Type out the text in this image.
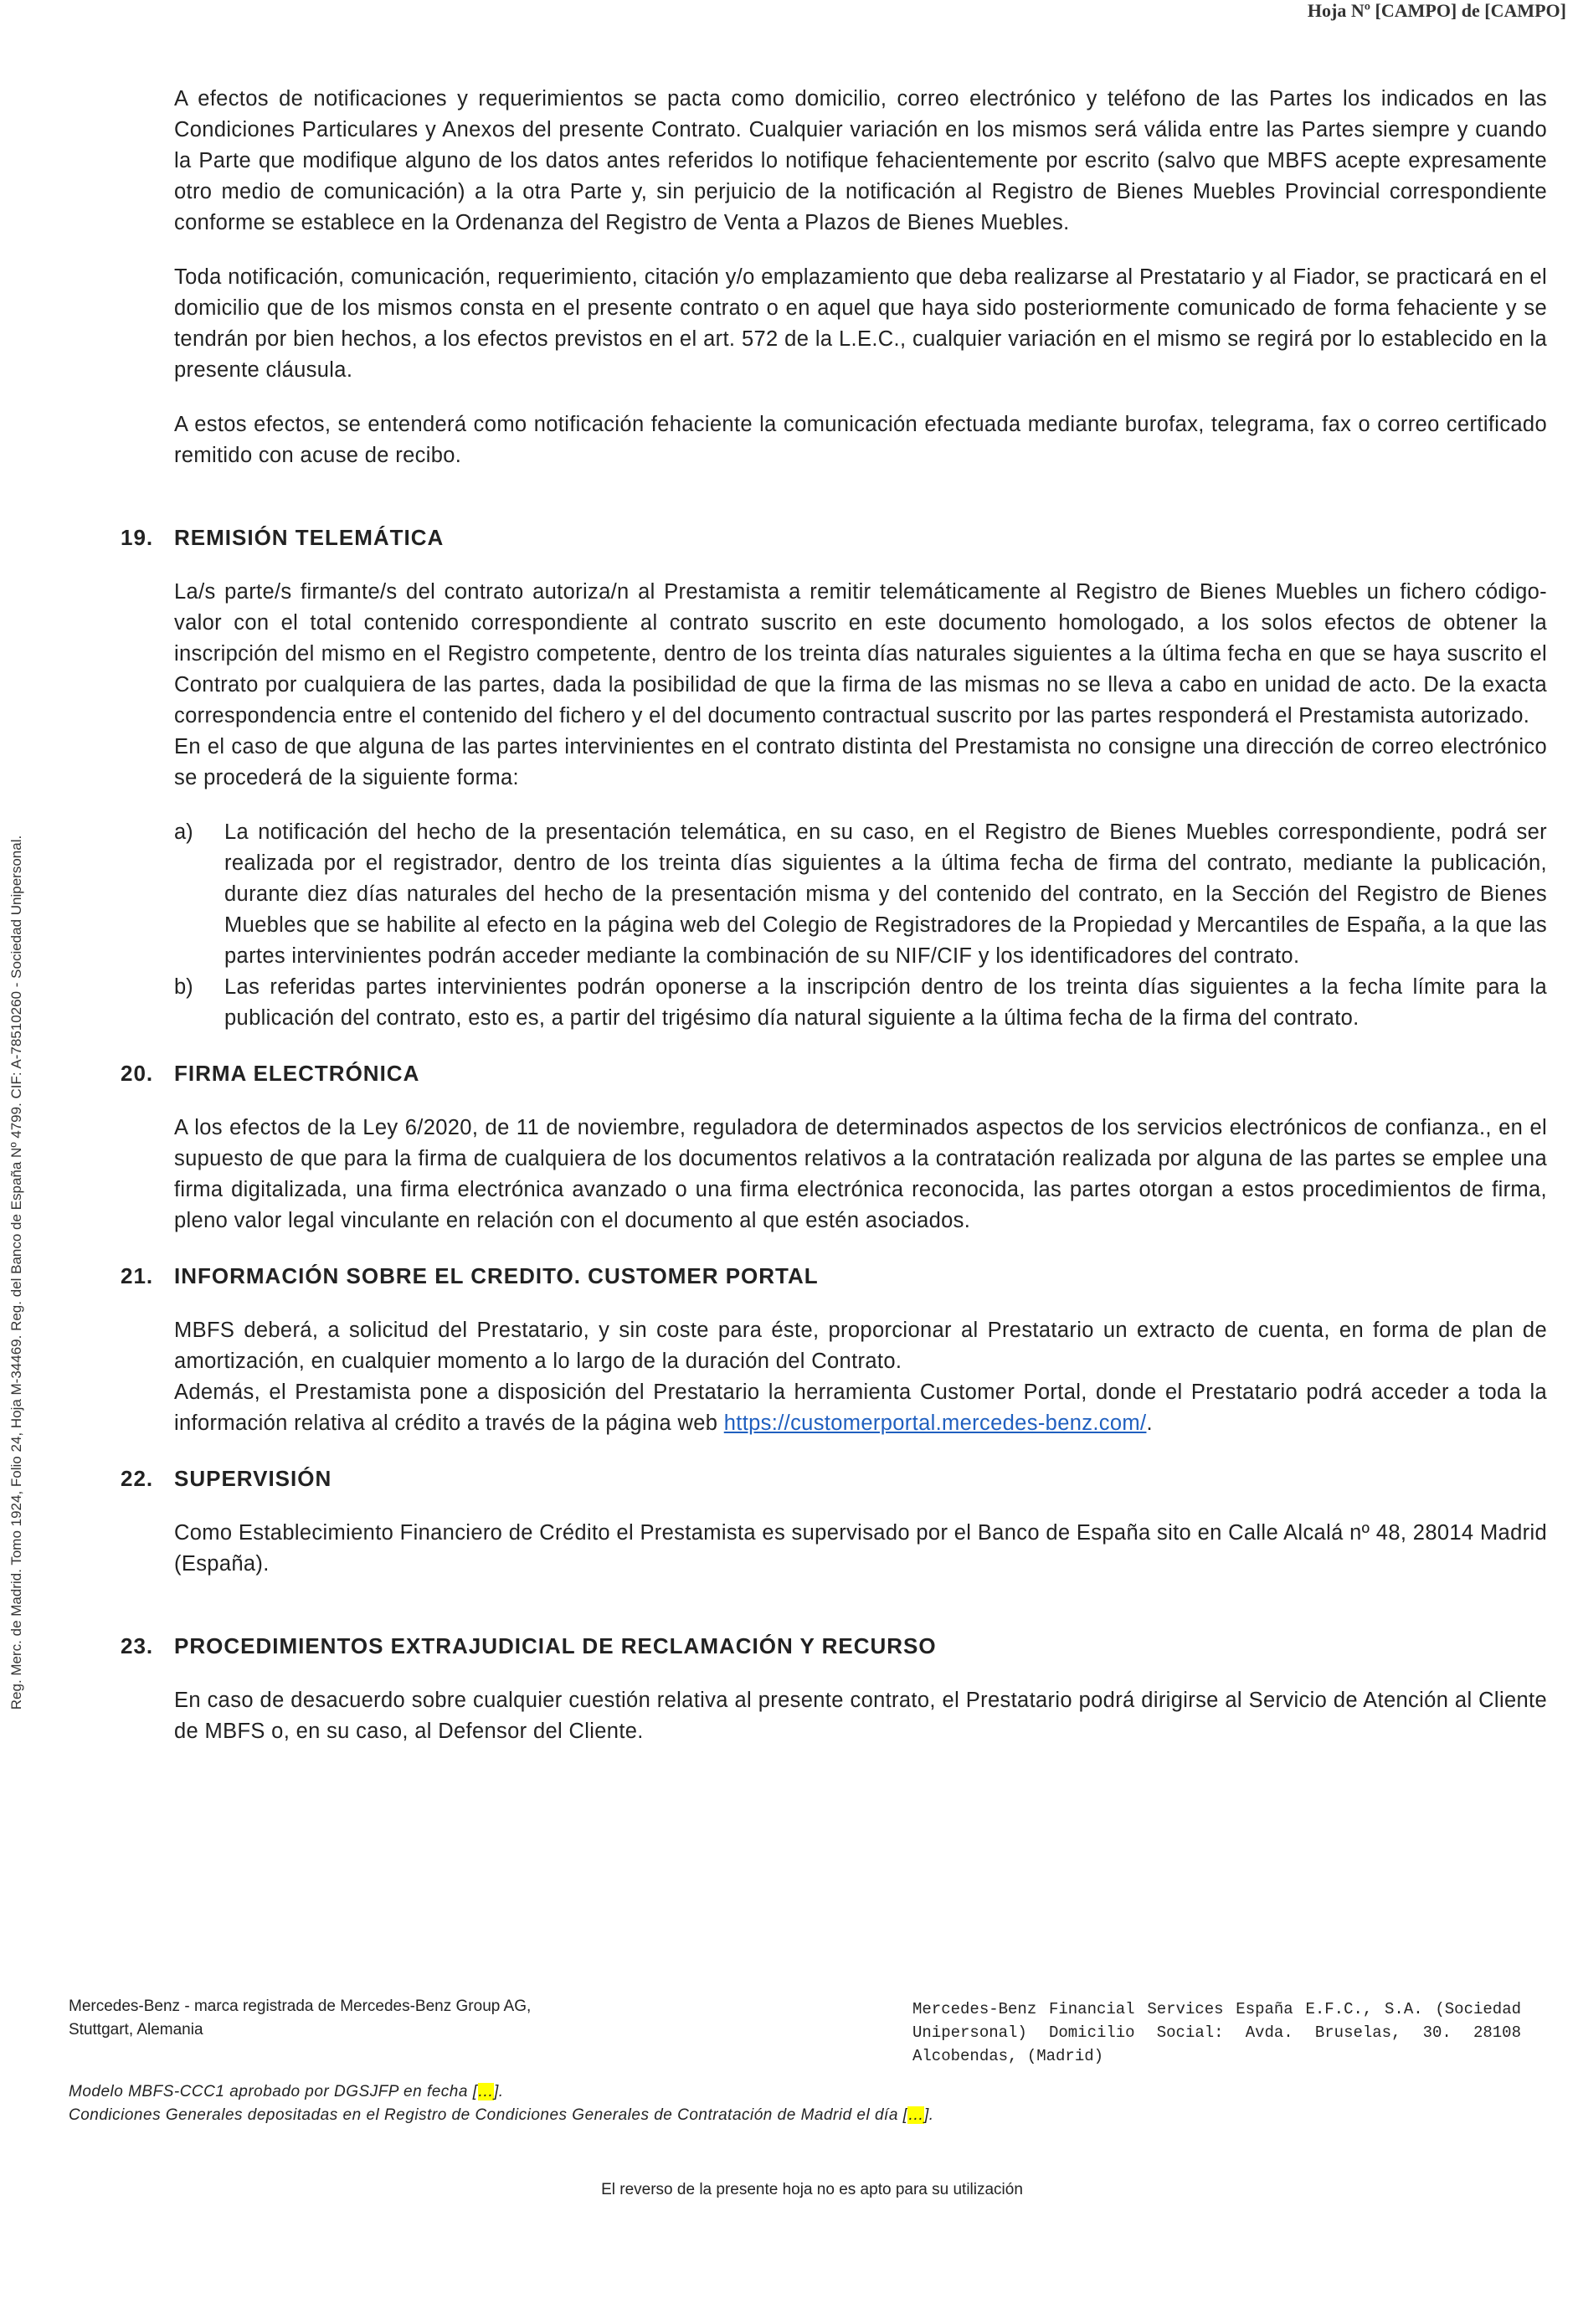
Hoja Nº [CAMPO] de [CAMPO]
Reg. Merc. de Madrid. Tomo 1924, Folio 24, Hoja M-34469. Reg. del Banco de España Nº 4799. CIF: A-78510260 - Sociedad Unipersonal.

A efectos de notificaciones y requerimientos se pacta como domicilio, correo electrónico y teléfono de las Partes los indicados en las Condiciones Particulares y Anexos del presente Contrato. Cualquier variación en los mismos será válida entre las Partes siempre y cuando la Parte que modifique alguno de los datos antes referidos lo notifique fehacientemente por escrito (salvo que MBFS acepte expresamente otro medio de comunicación) a la otra Parte y, sin perjuicio de la notificación al Registro de Bienes Muebles Provincial correspondiente conforme se establece en la Ordenanza del Registro de Venta a Plazos de Bienes Muebles.

Toda notificación, comunicación, requerimiento, citación y/o emplazamiento que deba realizarse al Prestatario y al Fiador, se practicará en el domicilio que de los mismos consta en el presente contrato o en aquel que haya sido posteriormente comunicado de forma fehaciente y se tendrán por bien hechos, a los efectos previstos en el art. 572 de la L.E.C., cualquier variación en el mismo se regirá por lo establecido en la presente cláusula.

A estos efectos, se entenderá como notificación fehaciente la comunicación efectuada mediante burofax, telegrama, fax o correo certificado remitido con acuse de recibo.

19. REMISIÓN TELEMÁTICA

La/s parte/s firmante/s del contrato autoriza/n al Prestamista a remitir telemáticamente al Registro de Bienes Muebles un fichero código-valor con el total contenido correspondiente al contrato suscrito en este documento homologado, a los solos efectos de obtener la inscripción del mismo en el Registro competente, dentro de los treinta días naturales siguientes a la última fecha en que se haya suscrito el Contrato por cualquiera de las partes, dada la posibilidad de que la firma de las mismas no se lleva a cabo en unidad de acto. De la exacta correspondencia entre el contenido del fichero y el del documento contractual suscrito por las partes responderá el Prestamista autorizado.

En el caso de que alguna de las partes intervinientes en el contrato distinta del Prestamista no consigne una dirección de correo electrónico se procederá de la siguiente forma:

a)	La notificación del hecho de la presentación telemática, en su caso, en el Registro de Bienes Muebles correspondiente, podrá ser realizada por el registrador, dentro de los treinta días siguientes a la última fecha de firma del contrato, mediante la publicación, durante diez días naturales del hecho de la presentación misma y del contenido del contrato, en la Sección del Registro de Bienes Muebles que se habilite al efecto en la página web del Colegio de Registradores de la Propiedad y Mercantiles de España, a la que las partes intervinientes podrán acceder mediante la combinación de su NIF/CIF y los identificadores del contrato.
b)	Las referidas partes intervinientes podrán oponerse a la inscripción dentro de los treinta días siguientes a la fecha límite para la publicación del contrato, esto es, a partir del trigésimo día natural siguiente a la última fecha de la firma del contrato.
20. FIRMA ELECTRÓNICA

A los efectos de la Ley 6/2020, de 11 de noviembre, reguladora de determinados aspectos de los servicios electrónicos de confianza., en el supuesto de que para la firma de cualquiera de los documentos relativos a la contratación realizada por alguna de las partes se emplee una firma digitalizada, una firma electrónica avanzado o una firma electrónica reconocida, las partes otorgan a estos procedimientos de firma, pleno valor legal vinculante en relación con el documento al que estén asociados.

21. INFORMACIÓN SOBRE EL CREDITO. CUSTOMER PORTAL

MBFS deberá, a solicitud del Prestatario, y sin coste para éste, proporcionar al Prestatario un extracto de cuenta, en forma de plan de amortización, en cualquier momento a lo largo de la duración del Contrato.

Además, el Prestamista pone a disposición del Prestatario la herramienta Customer Portal, donde el Prestatario podrá acceder a toda la información relativa al crédito a través de la página web https://customerportal.mercedes-benz.com/.

22. SUPERVISIÓN

Como Establecimiento Financiero de Crédito el Prestamista es supervisado por el Banco de España sito en Calle Alcalá nº 48, 28014 Madrid (España).

23. PROCEDIMIENTOS EXTRAJUDICIAL DE RECLAMACIÓN Y RECURSO

En caso de desacuerdo sobre cualquier cuestión relativa al presente contrato, el Prestatario podrá dirigirse al Servicio de Atención al Cliente de MBFS o, en su caso, al Defensor del Cliente.

Mercedes-Benz - marca registrada de Mercedes-Benz Group AG, Stuttgart, Alemania
Mercedes-Benz Financial Services España E.F.C., S.A. (Sociedad Unipersonal) Domicilio Social: Avda. Bruselas, 30. 28108 Alcobendas, (Madrid)
Modelo MBFS-CCC1 aprobado por DGSJFP en fecha […].
Condiciones Generales depositadas en el Registro de Condiciones Generales de Contratación de Madrid el día […].
El reverso de la presente hoja no es apto para su utilización
